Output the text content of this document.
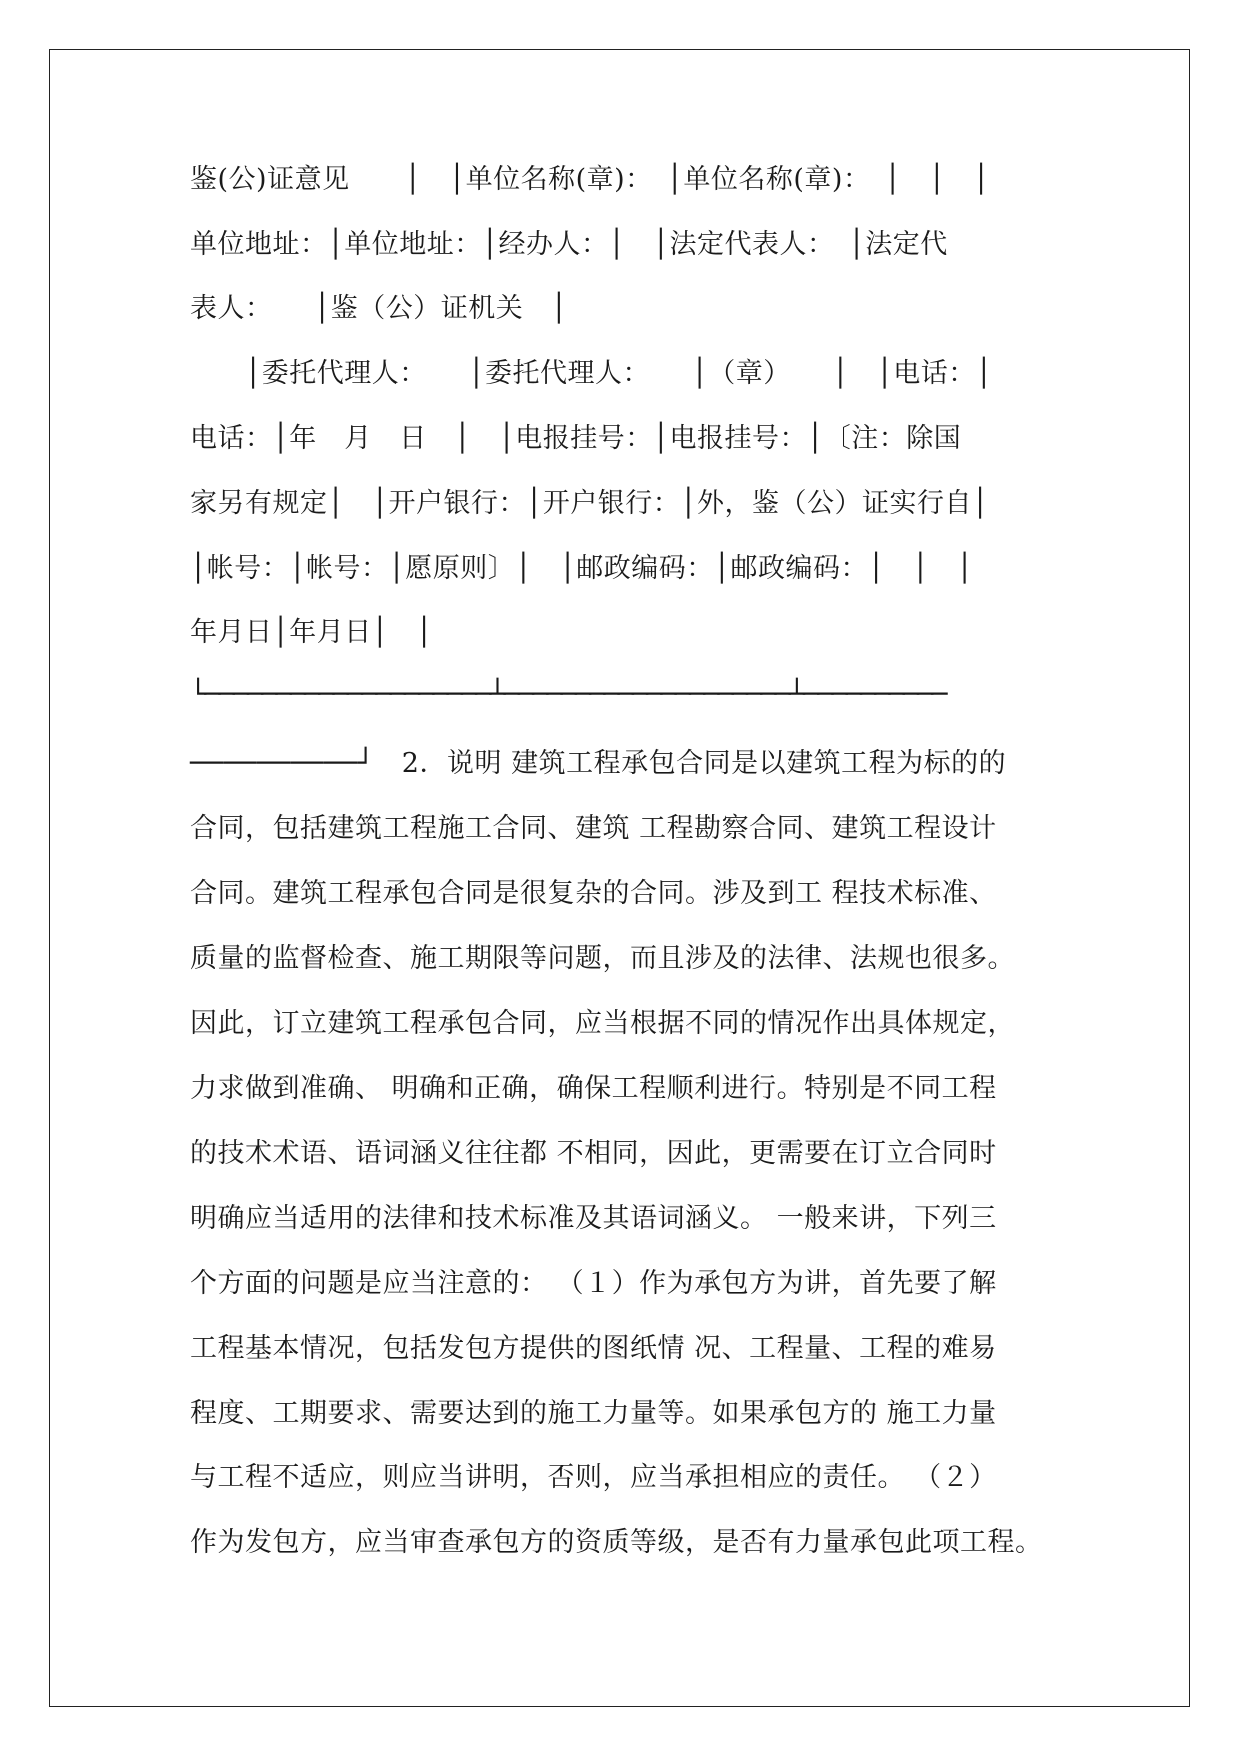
鉴(公)证意见　　│　│单位名称(章)：　│单位名称(章)：　│　│　│
单位地址：│单位地址：│经办人：│　│法定代表人：　│法定代
表人：　　│鉴（公）证机关　│
　　│委托代理人：　　│委托代理人：　　│（章）　　│　│电话：│
电话：│年　月　日　│　│电报挂号：│电报挂号：│〔注：除国
家另有规定│　│开户银行：│开户银行：│外，鉴（公）证实行自│
│帐号：│帐号：│愿原则〕│　│邮政编码：│邮政编码：│　│　│
年月日│年月日│　│
└────────────────────┴────────────────────┴──────────
──────────┘　2．说明 建筑工程承包合同是以建筑工程为标的的
合同，包括建筑工程施工合同、建筑 工程勘察合同、建筑工程设计
合同。建筑工程承包合同是很复杂的合同。涉及到工 程技术标准、
质量的监督检查、施工期限等问题，而且涉及的法律、法规也很多。
因此，订立建筑工程承包合同，应当根据不同的情况作出具体规定，
力求做到准确、 明确和正确，确保工程顺利进行。特别是不同工程
的技术术语、语词涵义往往都 不相同，因此，更需要在订立合同时
明确应当适用的法律和技术标准及其语词涵义。 一般来讲，下列三
个方面的问题是应当注意的： （１）作为承包方为讲，首先要了解
工程基本情况，包括发包方提供的图纸情 况、工程量、工程的难易
程度、工期要求、需要达到的施工力量等。如果承包方的 施工力量
与工程不适应，则应当讲明，否则，应当承担相应的责任。 （２）
作为发包方，应当审查承包方的资质等级，是否有力量承包此项工程。
